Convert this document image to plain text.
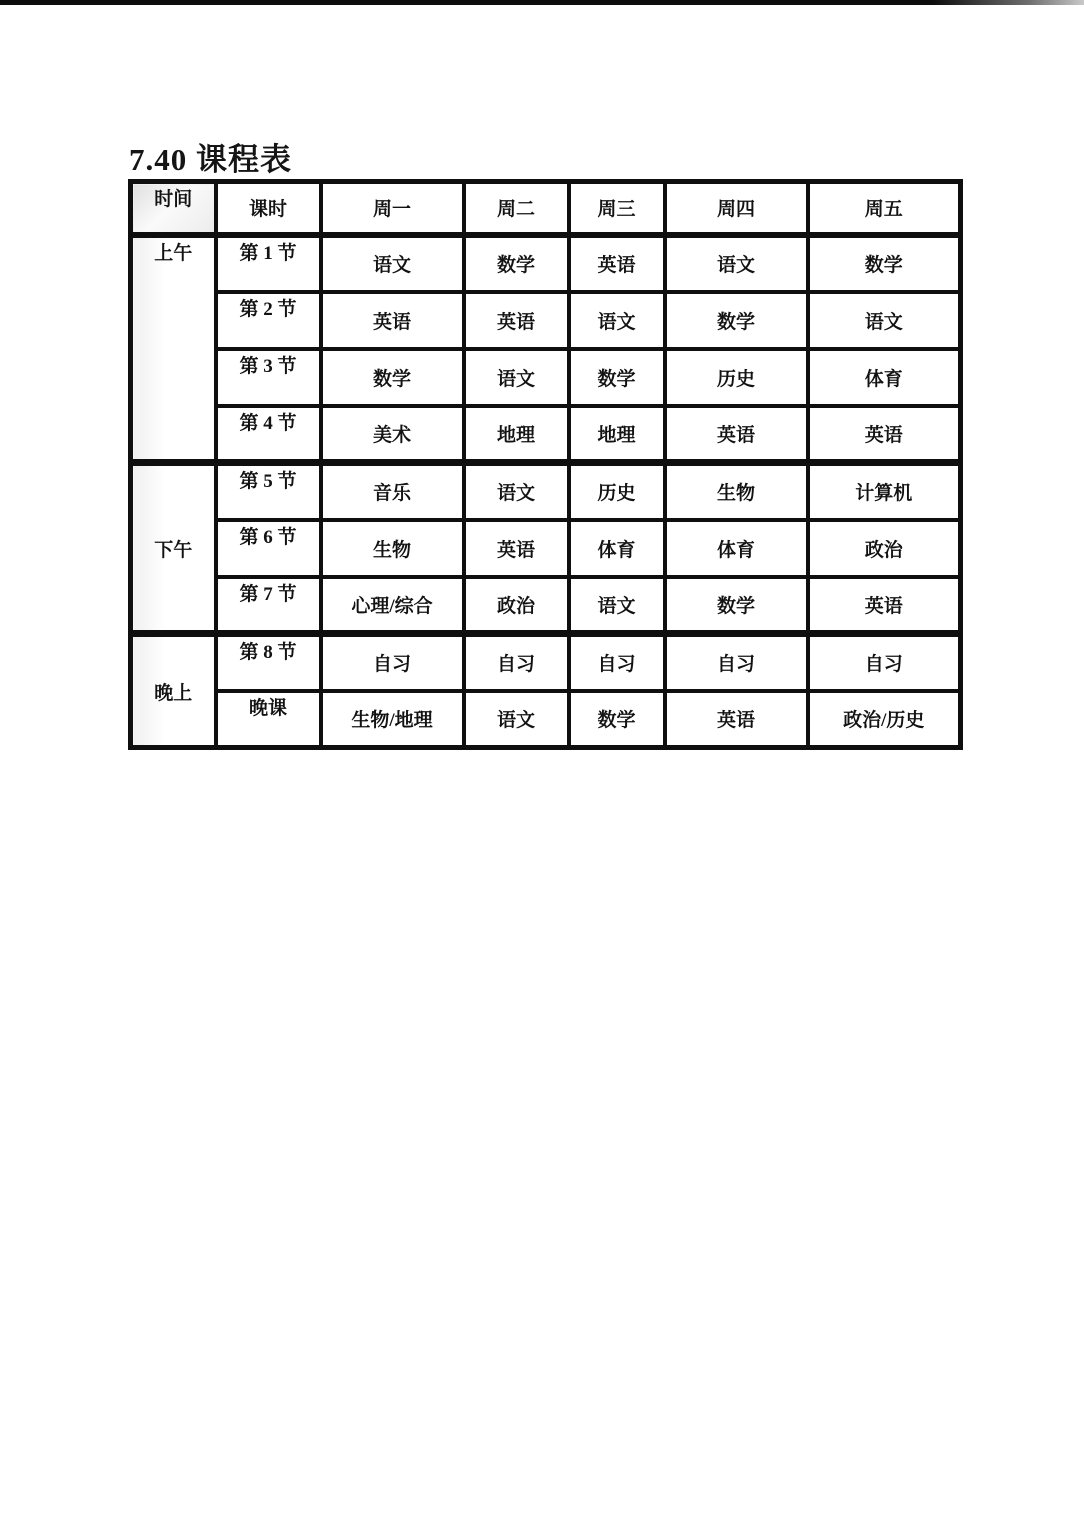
7.40 课程表
时间	课时	周一	周二	周三	周四	周五
上午	第 1 节	语文	数学	英语	语文	数学
	第 2 节	英语	英语	语文	数学	语文
	第 3 节	数学	语文	数学	历史	体育
	第 4 节	美术	地理	地理	英语	英语
下午	第 5 节	音乐	语文	历史	生物	计算机
	第 6 节	生物	英语	体育	体育	政治
	第 7 节	心理/综合	政治	语文	数学	英语
晚上	第 8 节	自习	自习	自习	自习	自习
	晚课	生物/地理	语文	数学	英语	政治/历史
